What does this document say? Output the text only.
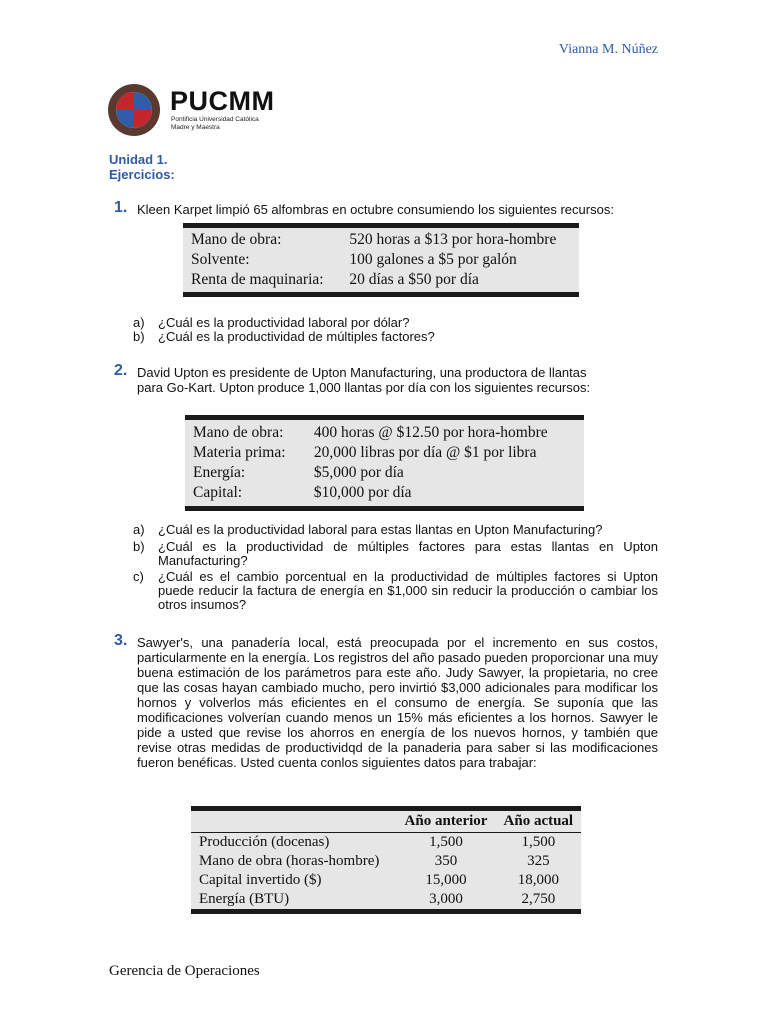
Vianna M. Núñez
PUCMM
Pontificia Universidad Católica
Madre y Maestra
Unidad 1.
Ejercicios:
1. Kleen Karpet limpió 65 alfombras en octubre consumiendo los siguientes recursos:
Mano de obra:	520 horas a $13 por hora-hombre
Solvente:	100 galones a $5 por galón
Renta de maquinaria:	20 días a $50 por día
a) ¿Cuál es la productividad laboral por dólar?
b) ¿Cuál es la productividad de múltiples factores?
2. David Upton es presidente de Upton Manufacturing, una productora de llantas
para Go-Kart. Upton produce 1,000 llantas por día con los siguientes recursos:
Mano de obra:	400 horas @ $12.50 por hora-hombre
Materia prima:	20,000 libras por día @ $1 por libra
Energía:	$5,000 por día
Capital:	$10,000 por día
a) ¿Cuál es la productividad laboral para estas llantas en Upton Manufacturing?
b) ¿Cuál es la productividad de múltiples factores para estas llantas en Upton Manufacturing?
c) ¿Cuál es el cambio porcentual en la productividad de múltiples factores si Upton puede reducir la factura de energía en $1,000 sin reducir la producción o cambiar los otros insumos?
3. Sawyer's, una panadería local, está preocupada por el incremento en sus costos, particularmente en la energía. Los registros del año pasado pueden proporcionar una muy buena estimación de los parámetros para este año. Judy Sawyer, la propietaria, no cree que las cosas hayan cambiado mucho, pero invirtió $3,000 adicionales para modificar los hornos y volverlos más eficientes en el consumo de energía. Se suponía que las modificaciones volverían cuando menos un 15% más eficientes a los hornos. Sawyer le pide a usted que revise los ahorros en energía de los nuevos hornos, y también que revise otras medidas de productividqd de la panaderia para saber si las modificaciones fueron benéficas. Usted cuenta conlos siguientes datos para trabajar:
	Año anterior	Año actual
Producción (docenas)	1,500	1,500
Mano de obra (horas-hombre)	350	325
Capital invertido ($)	15,000	18,000
Energía (BTU)	3,000	2,750
Gerencia de Operaciones
